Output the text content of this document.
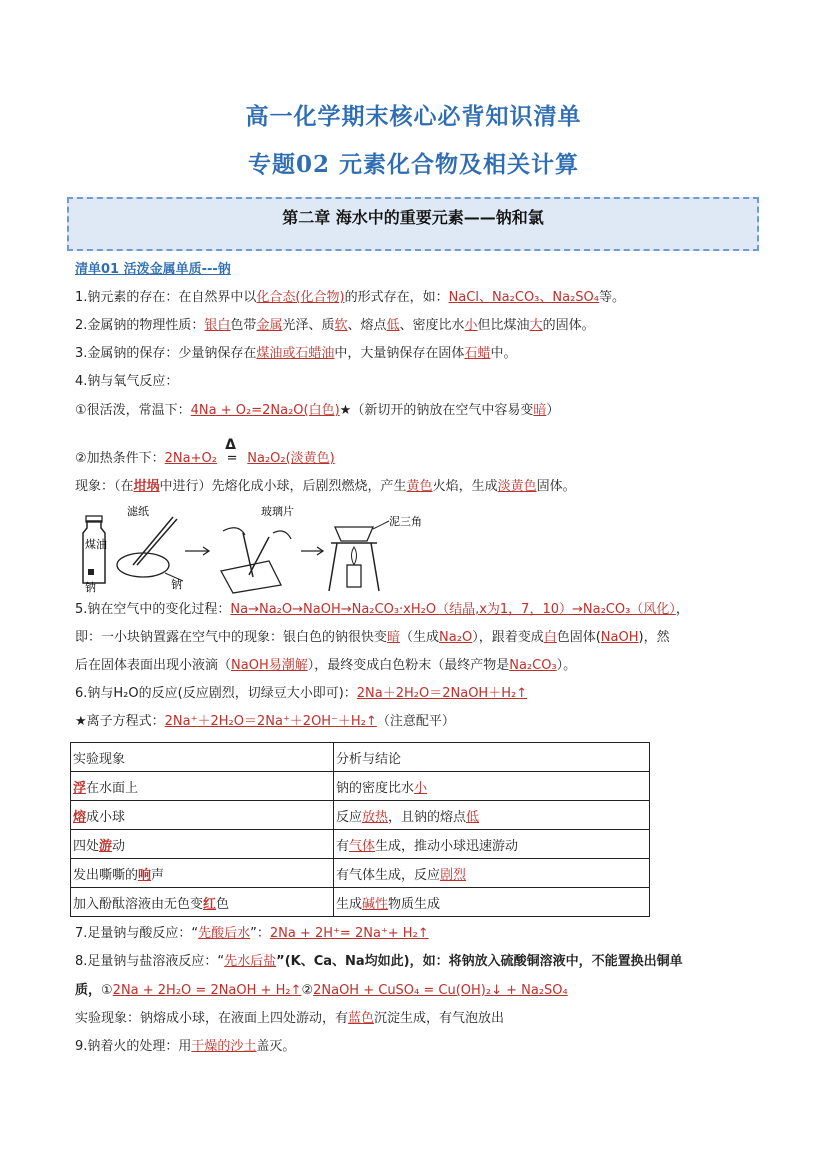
高一化学期末核心必背知识清单
专题02 元素化合物及相关计算
第二章 海水中的重要元素——钠和氯
清单01 活泼金属单质---钠
1.钠元素的存在：在自然界中以化合态(化合物)的形式存在，如：NaCl、Na₂CO₃、Na₂SO₄等。
2.金属钠的物理性质：银白色带金属光泽、质软、熔点低、密度比水小但比煤油大的固体。
3.金属钠的保存：少量钠保存在煤油或石蜡油中，大量钠保存在固体石蜡中。
4.钠与氧气反应：
①很活泼，常温下：4Na + O₂=2Na₂O(白色)★（新切开的钠放在空气中容易变暗）
②加热条件下：2Na+O₂
Δ
= Na₂O₂(淡黄色)
现象：（在坩埚中进行）先熔化成小球，后剧烈燃烧，产生黄色火焰，生成淡黄色固体。
煤油
钠
滤纸
钠
玻璃片
泥三角
5.钠在空气中的变化过程：Na→Na₂O→NaOH→Na₂CO₃·xH₂O（结晶,x为1，7，10）→Na₂CO₃（风化），
即：一小块钠置露在空气中的现象：银白色的钠很快变暗（生成Na₂O），跟着变成白色固体(NaOH)，然
后在固体表面出现小液滴（NaOH易潮解），最终变成白色粉末（最终产物是Na₂CO₃）。
6.钠与H₂O的反应(反应剧烈，切绿豆大小即可)：2Na＋2H₂O＝2NaOH＋H₂↑
★离子方程式：2Na⁺＋2H₂O＝2Na⁺＋2OH⁻＋H₂↑（注意配平）
实验现象	分析与结论
浮在水面上	钠的密度比水小
熔成小球	反应放热，且钠的熔点低
四处游动	有气体生成，推动小球迅速游动
发出嘶嘶的响声	有气体生成，反应剧烈
加入酚酞溶液由无色变红色	生成碱性物质生成
7.足量钠与酸反应：“先酸后水”：2Na + 2H⁺= 2Na⁺+ H₂↑
8.足量钠与盐溶液反应：“先水后盐”(K、Ca、Na均如此)，如：将钠放入硫酸铜溶液中，不能置换出铜单
质，①2Na + 2H₂O = 2NaOH + H₂↑②2NaOH + CuSO₄ = Cu(OH)₂↓ + Na₂SO₄
实验现象：钠熔成小球，在液面上四处游动，有蓝色沉淀生成，有气泡放出
9.钠着火的处理：用干燥的沙土盖灭。
